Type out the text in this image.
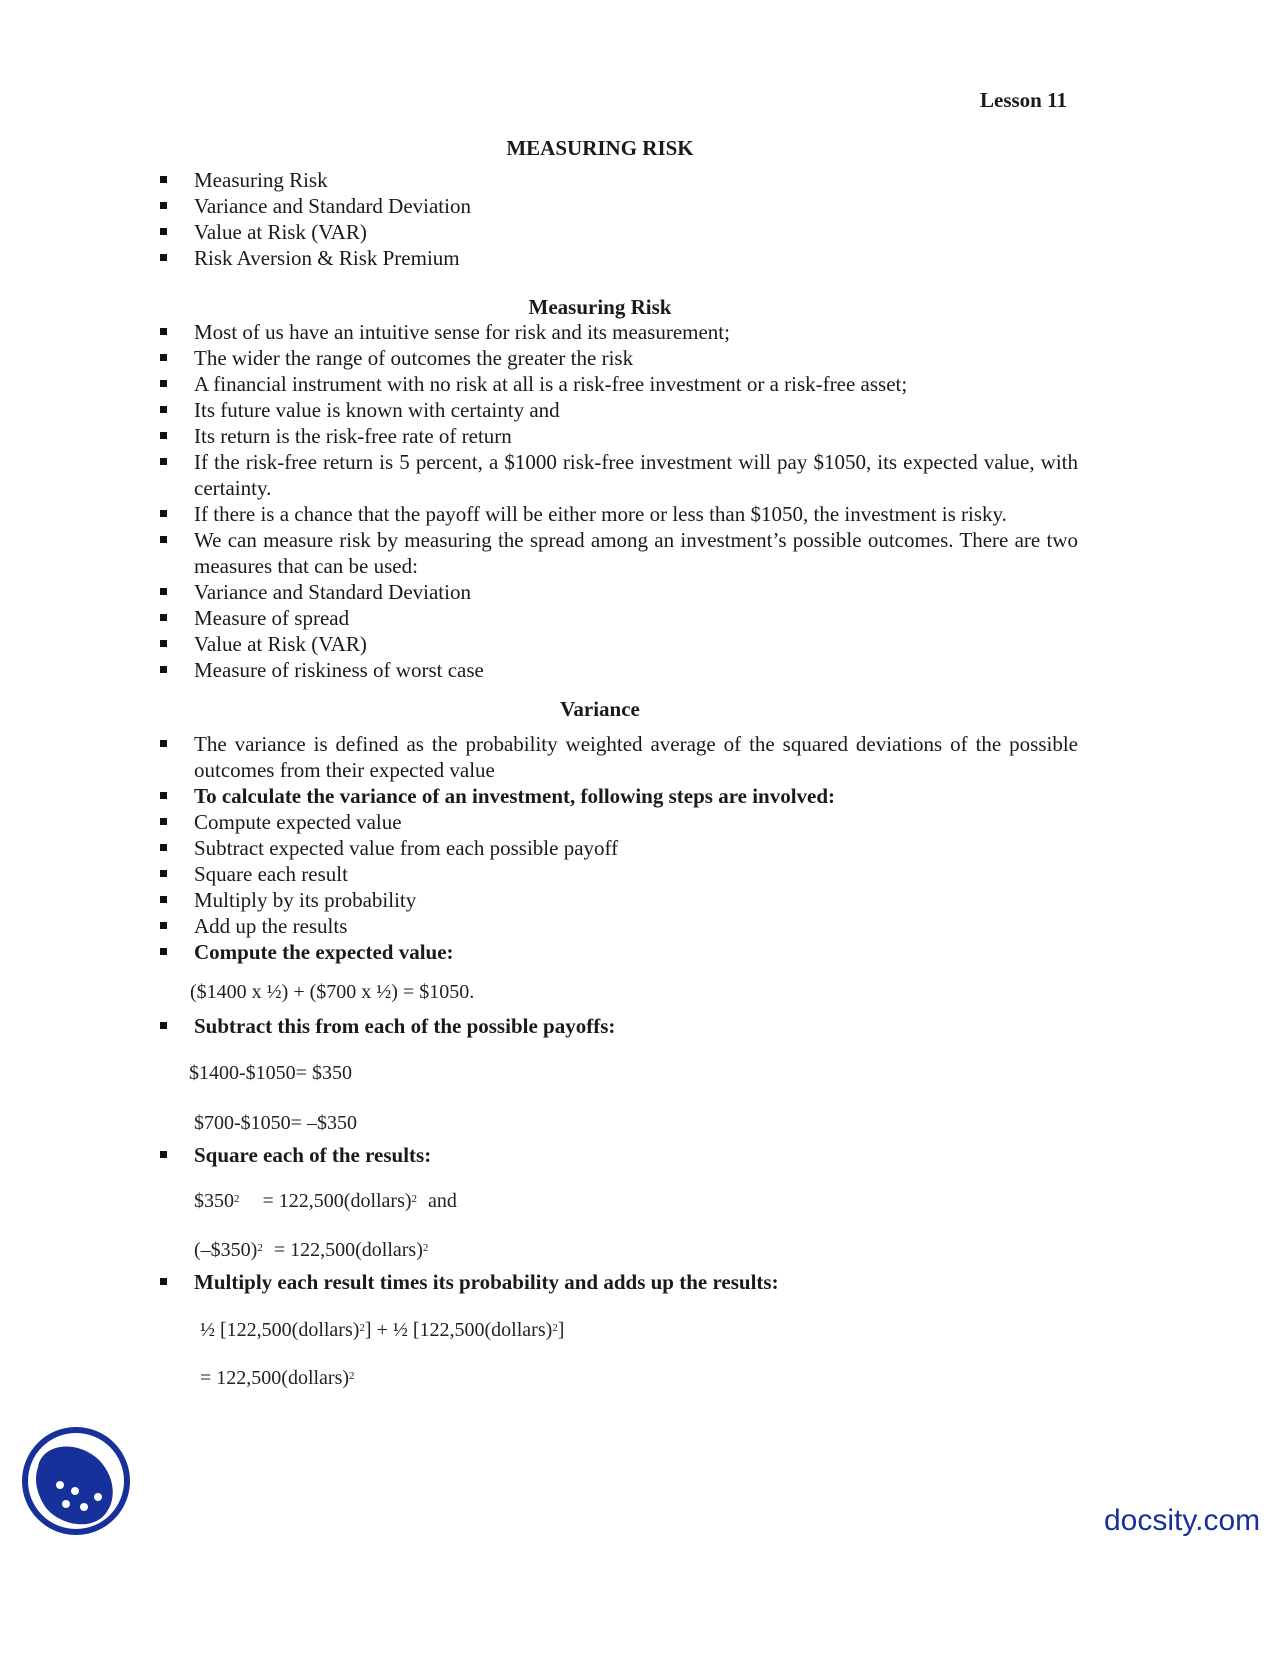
Lesson 11
MEASURING RISK
Measuring Risk
Variance and Standard Deviation
Value at Risk (VAR)
Risk Aversion & Risk Premium
Measuring Risk
Most of us have an intuitive sense for risk and its measurement;
The wider the range of outcomes the greater the risk
A financial instrument with no risk at all is a risk-free investment or a risk-free asset;
Its future value is known with certainty and
Its return is the risk-free rate of return
If the risk-free return is 5 percent, a $1000 risk-free investment will pay $1050, its expected value, with certainty.
If there is a chance that the payoff will be either more or less than $1050, the investment is risky.
We can measure risk by measuring the spread among an investment’s possible outcomes. There are two measures that can be used:
Variance and Standard Deviation
Measure of spread
Value at Risk (VAR)
Measure of riskiness of worst case
Variance
The variance is defined as the probability weighted average of the squared deviations of the possible outcomes from their expected value
To calculate the variance of an investment, following steps are involved:
Compute expected value
Subtract expected value from each possible payoff
Square each result
Multiply by its probability
Add up the results
Compute the expected value:
($1400 x ½) + ($700 x ½) = $1050.
Subtract this from each of the possible payoffs:
$1400-$1050= $350
$700-$1050= –$350
Square each of the results:
$\$350^2$ = 122,500(dollars)$^2$ and
(–$350)$^2$ = 122,500(dollars)$^2$
Multiply each result times its probability and adds up the results:
½ [122,500(dollars)$^2$] + ½ [122,500(dollars)$^2$]
= 122,500(dollars)$^2$
docsity.com
